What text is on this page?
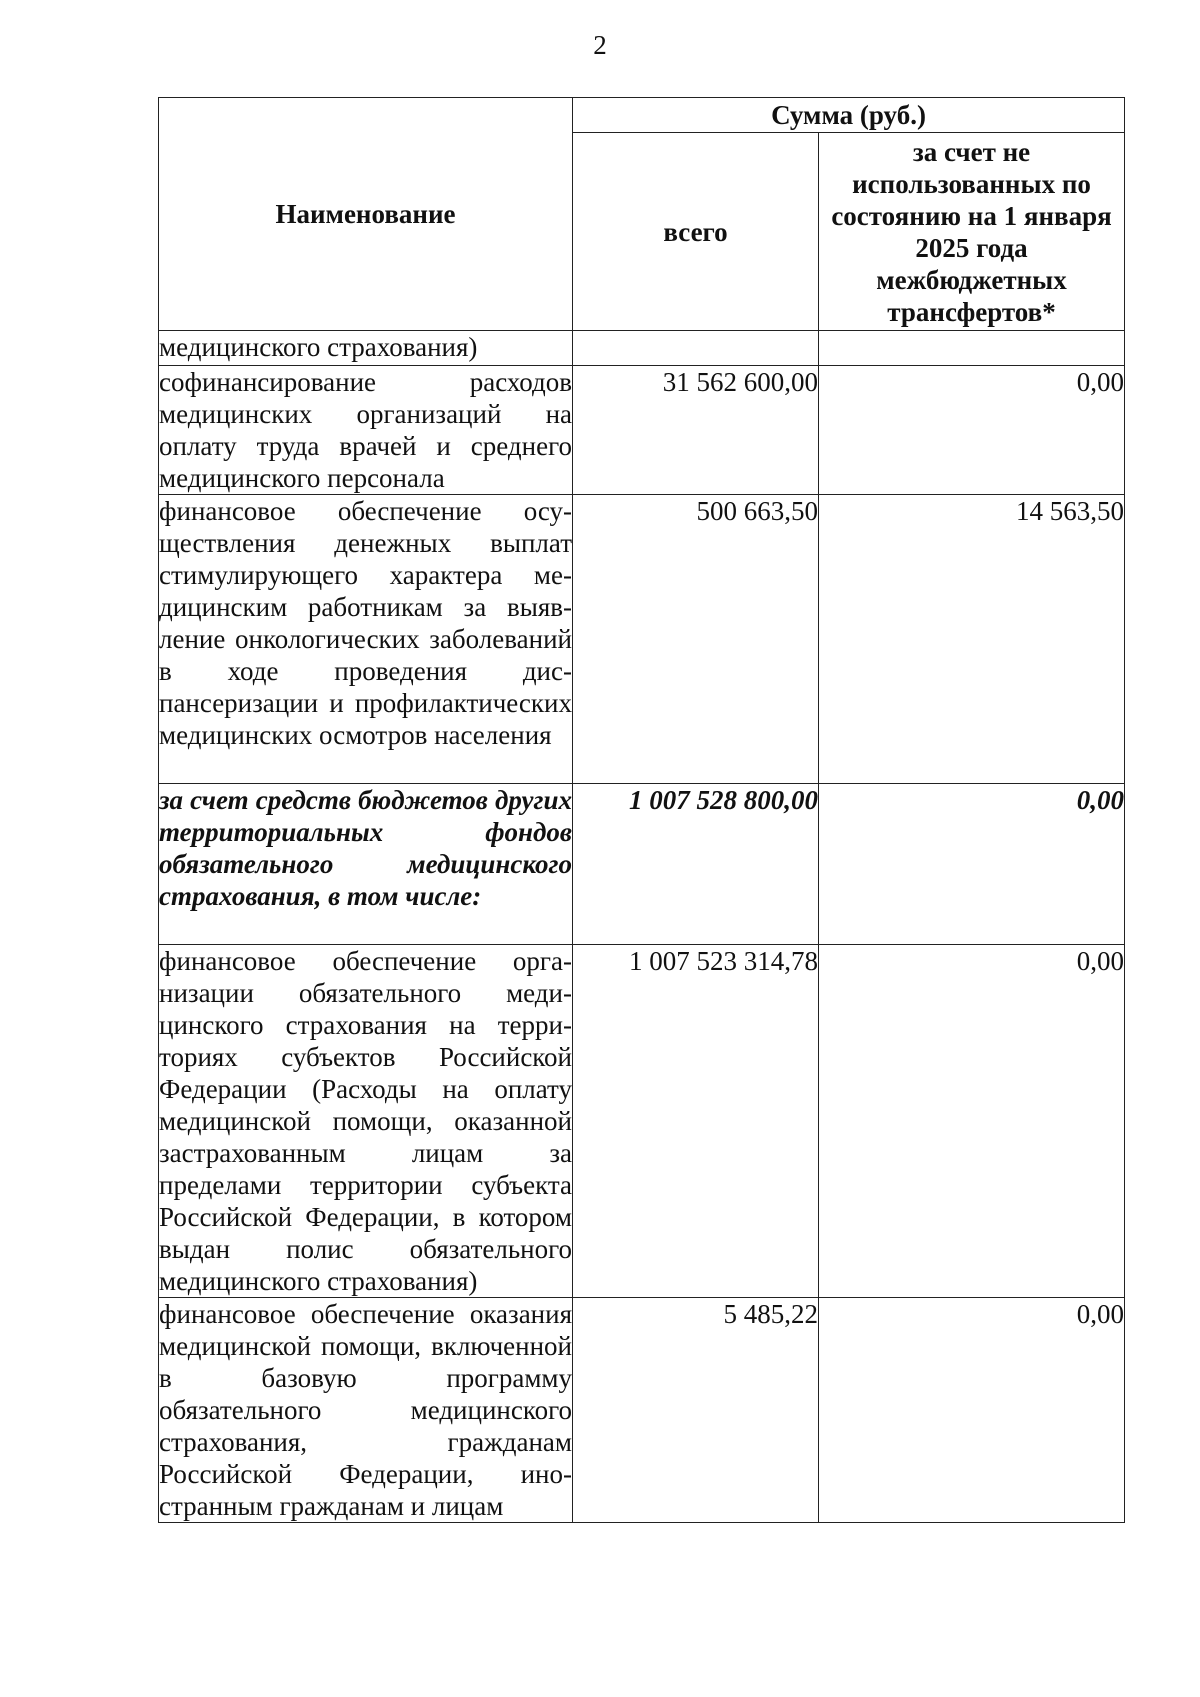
2
Наименование	Сумма (руб.)	
	всего	за счет не использованных по состоянию на 1 января 2025 года межбюджетных трансфертов*
медицинского страхования)		
софинансирование расходов медицинских организаций на оплату труда врачей и среднего медицинского персонала	31 562 600,00	0,00
финансовое обеспечение осуществления денежных выплат стимулирующего характера медицинским работникам за выявление онкологических заболеваний в ходе проведения диспансеризации и профилактических медицинских осмотров населения	500 663,50	14 563,50
за счет средств бюджетов других территориальных фондов обязательного медицинского страхования, в том числе:	1 007 528 800,00	0,00
финансовое обеспечение организации обязательного медицинского страхования на территориях субъектов Российской Федерации (Расходы на оплату медицинской помощи, оказанной застрахованным лицам за пределами территории субъекта Российской Федерации, в котором выдан полис обязательного медицинского страхования)	1 007 523 314,78	0,00
финансовое обеспечение оказания медицинской помощи, включенной в базовую программу обязательного медицинского страхования, гражданам Российской Федерации, иностранным гражданам и лицам	5 485,22	0,00
